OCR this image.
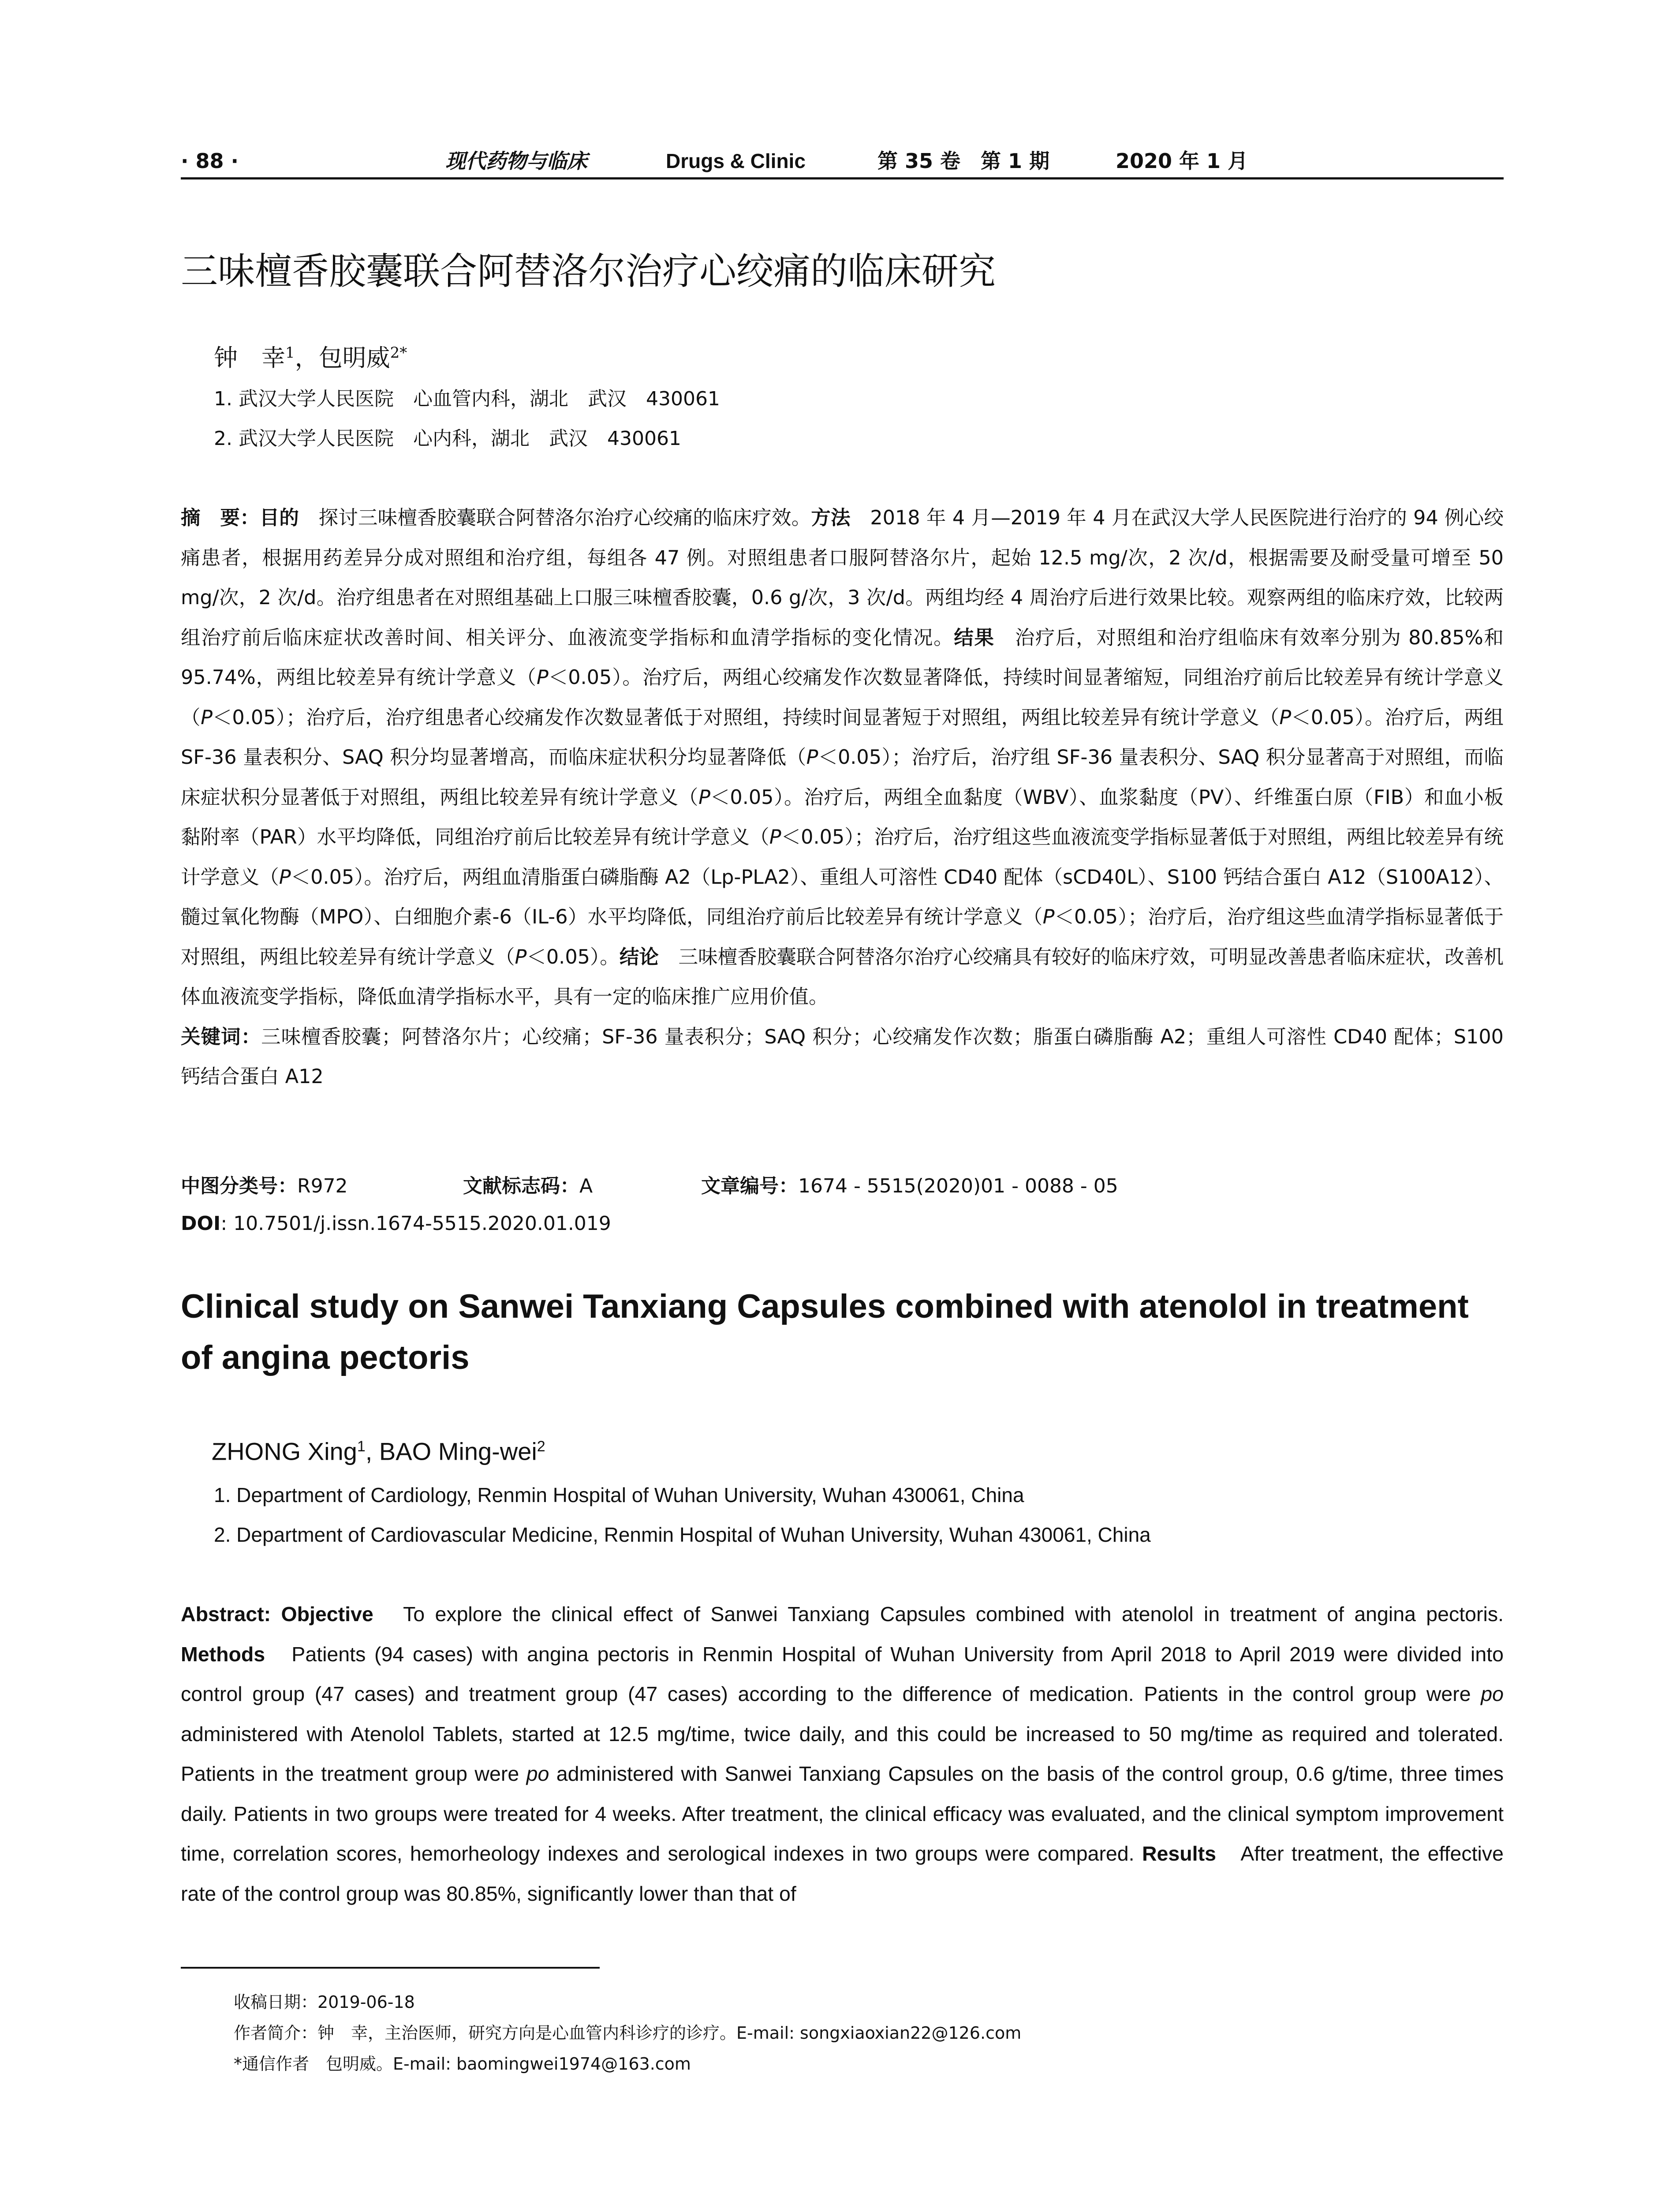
· 88 ·	现代药物与临床	Drugs & Clinic	第 35 卷　第 1 期	2020 年 1 月
三味檀香胶囊联合阿替洛尔治疗心绞痛的临床研究
钟　幸$^1$，包明威$^{2*}$
1. 武汉大学人民医院　心血管内科，湖北　武汉　430061
2. 武汉大学人民医院　心内科，湖北　武汉　430061
摘　要：目的　探讨三味檀香胶囊联合阿替洛尔治疗心绞痛的临床疗效。方法　2018 年 4 月—2019 年 4 月在武汉大学人民医院进行治疗的 94 例心绞痛患者，根据用药差异分成对照组和治疗组，每组各 47 例。对照组患者口服阿替洛尔片，起始 12.5 mg/次，2 次/d，根据需要及耐受量可增至 50 mg/次，2 次/d。治疗组患者在对照组基础上口服三味檀香胶囊，0.6 g/次，3 次/d。两组均经 4 周治疗后进行效果比较。观察两组的临床疗效，比较两组治疗前后临床症状改善时间、相关评分、血液流变学指标和血清学指标的变化情况。结果　治疗后，对照组和治疗组临床有效率分别为 80.85%和 95.74%，两组比较差异有统计学意义（P＜0.05）。治疗后，两组心绞痛发作次数显著降低，持续时间显著缩短，同组治疗前后比较差异有统计学意义（P＜0.05）；治疗后，治疗组患者心绞痛发作次数显著低于对照组，持续时间显著短于对照组，两组比较差异有统计学意义（P＜0.05）。治疗后，两组 SF-36 量表积分、SAQ 积分均显著增高，而临床症状积分均显著降低（P＜0.05）；治疗后，治疗组 SF-36 量表积分、SAQ 积分显著高于对照组，而临床症状积分显著低于对照组，两组比较差异有统计学意义（P＜0.05）。治疗后，两组全血黏度（WBV）、血浆黏度（PV）、纤维蛋白原（FIB）和血小板黏附率（PAR）水平均降低，同组治疗前后比较差异有统计学意义（P＜0.05）；治疗后，治疗组这些血液流变学指标显著低于对照组，两组比较差异有统计学意义（P＜0.05）。治疗后，两组血清脂蛋白磷脂酶 A2（Lp-PLA2）、重组人可溶性 CD40 配体（sCD40L）、S100 钙结合蛋白 A12（S100A12）、髓过氧化物酶（MPO）、白细胞介素-6（IL-6）水平均降低，同组治疗前后比较差异有统计学意义（P＜0.05）；治疗后，治疗组这些血清学指标显著低于对照组，两组比较差异有统计学意义（P＜0.05）。结论　三味檀香胶囊联合阿替洛尔治疗心绞痛具有较好的临床疗效，可明显改善患者临床症状，改善机体血液流变学指标，降低血清学指标水平，具有一定的临床推广应用价值。
关键词：三味檀香胶囊；阿替洛尔片；心绞痛；SF-36 量表积分；SAQ 积分；心绞痛发作次数；脂蛋白磷脂酶 A2；重组人可溶性 CD40 配体；S100 钙结合蛋白 A12
中图分类号： R972	文献标志码： A	文章编号： 1674 - 5515(2020)01 - 0088 - 05
DOI: 10.7501/j.issn.1674-5515.2020.01.019
Clinical study on Sanwei Tanxiang Capsules combined with atenolol in treatment of angina pectoris
ZHONG Xing$^1$, BAO Ming-wei$^2$
1. Department of Cardiology, Renmin Hospital of Wuhan University, Wuhan 430061, China
2. Department of Cardiovascular Medicine, Renmin Hospital of Wuhan University, Wuhan 430061, China
Abstract: Objective　To explore the clinical effect of Sanwei Tanxiang Capsules combined with atenolol in treatment of angina pectoris. Methods　Patients (94 cases) with angina pectoris in Renmin Hospital of Wuhan University from April 2018 to April 2019 were divided into control group (47 cases) and treatment group (47 cases) according to the difference of medication. Patients in the control group were po administered with Atenolol Tablets, started at 12.5 mg/time, twice daily, and this could be increased to 50 mg/time as required and tolerated. Patients in the treatment group were po administered with Sanwei Tanxiang Capsules on the basis of the control group, 0.6 g/time, three times daily. Patients in two groups were treated for 4 weeks. After treatment, the clinical efficacy was evaluated, and the clinical symptom improvement time, correlation scores, hemorheology indexes and serological indexes in two groups were compared. Results　After treatment, the effective rate of the control group was 80.85%, significantly lower than that of
收稿日期：2019-06-18
作者简介：钟　幸，主治医师，研究方向是心血管内科诊疗的诊疗。E-mail: songxiaoxian22@126.com
*通信作者　包明威。E-mail: baomingwei1974@163.com
